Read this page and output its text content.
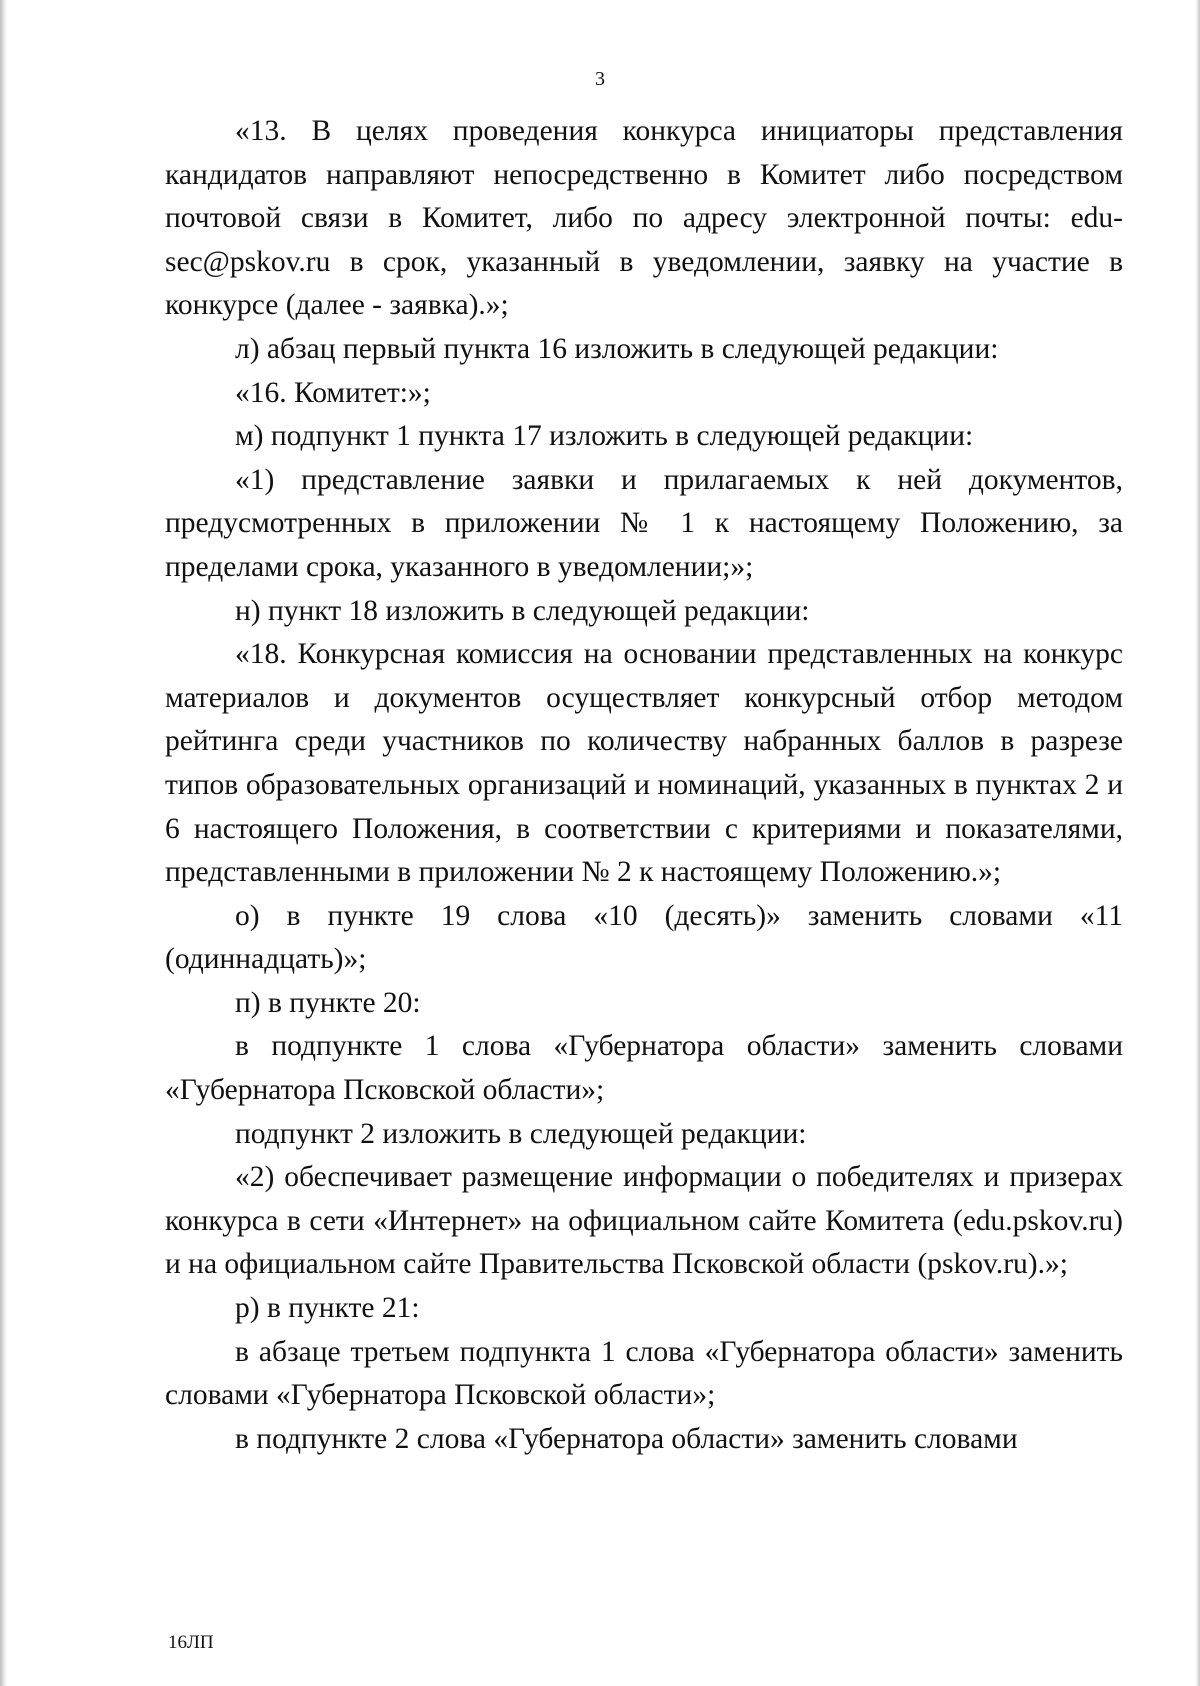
3

«13. В целях проведения конкурса инициаторы представления кандидатов направляют непосредственно в Комитет либо посредством почтовой связи в Комитет, либо по адресу электронной почты: edu-sec@pskov.ru в срок, указанный в уведомлении, заявку на участие в конкурсе (далее - заявка).»;

л) абзац первый пункта 16 изложить в следующей редакции:

«16. Комитет:»;

м) подпункт 1 пункта 17 изложить в следующей редакции:

«1) представление заявки и прилагаемых к ней документов, предусмотренных в приложении № 1 к настоящему Положению, за пределами срока, указанного в уведомлении;»;

н) пункт 18 изложить в следующей редакции:

«18. Конкурсная комиссия на основании представленных на конкурс материалов и документов осуществляет конкурсный отбор методом рейтинга среди участников по количеству набранных баллов в разрезе типов образовательных организаций и номинаций, указанных в пунктах 2 и 6 настоящего Положения, в соответствии с критериями и показателями, представленными в приложении № 2 к настоящему Положению.»;

о) в пункте 19 слова «10 (десять)» заменить словами «11 (одиннадцать)»;

п) в пункте 20:

в подпункте 1 слова «Губернатора области» заменить словами «Губернатора Псковской области»;

подпункт 2 изложить в следующей редакции:

«2) обеспечивает размещение информации о победителях и призерах конкурса в сети «Интернет» на официальном сайте Комитета (edu.pskov.ru) и на официальном сайте Правительства Псковской области (pskov.ru).»;

р) в пункте 21:

в абзаце третьем подпункта 1 слова «Губернатора области» заменить словами «Губернатора Псковской области»;

в подпункте 2 слова «Губернатора области» заменить словами

16ЛП
